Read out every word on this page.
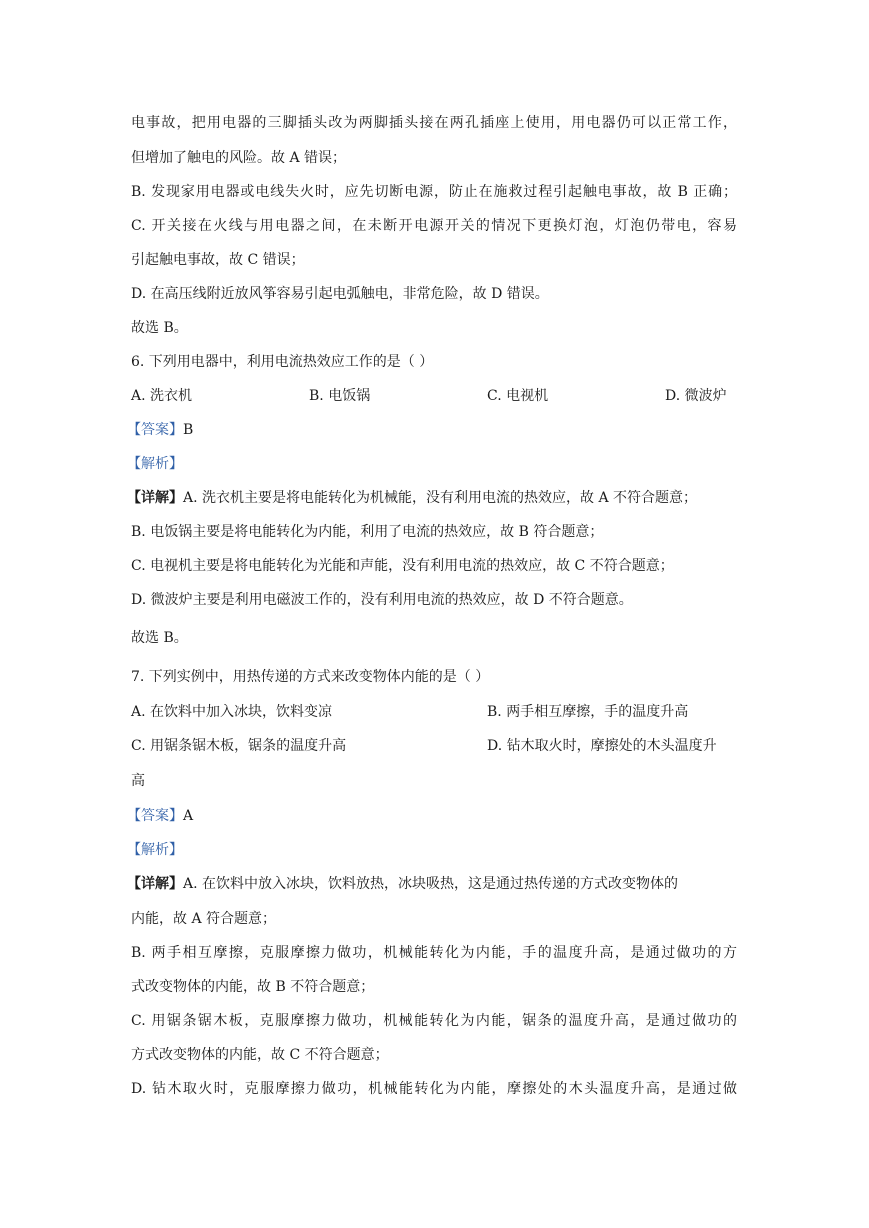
电事故，把用电器的三脚插头改为两脚插头接在两孔插座上使用，用电器仍可以正常工作，
但增加了触电的风险。故 A 错误；
B. 发现家用电器或电线失火时，应先切断电源，防止在施救过程引起触电事故，故 B 正确；
C. 开关接在火线与用电器之间，在未断开电源开关的情况下更换灯泡，灯泡仍带电，容易
引起触电事故，故 C 错误；
D. 在高压线附近放风筝容易引起电弧触电，非常危险，故 D 错误。
故选 B。
6. 下列用电器中，利用电流热效应工作的是（ ）
A. 洗衣机	B. 电饭锅	C. 电视机	D. 微波炉
【答案】B
【解析】
【详解】A. 洗衣机主要是将电能转化为机械能，没有利用电流的热效应，故 A 不符合题意；
B. 电饭锅主要是将电能转化为内能，利用了电流的热效应，故 B 符合题意；
C. 电视机主要是将电能转化为光能和声能，没有利用电流的热效应，故 C 不符合题意；
D. 微波炉主要是利用电磁波工作的，没有利用电流的热效应，故 D 不符合题意。
故选 B。
7. 下列实例中，用热传递的方式来改变物体内能的是（ ）
A. 在饮料中加入冰块，饮料变凉	B. 两手相互摩擦，手的温度升高
C. 用锯条锯木板，锯条的温度升高	D. 钻木取火时，摩擦处的木头温度升
高
【答案】A
【解析】
【详解】A. 在饮料中放入冰块，饮料放热，冰块吸热，这是通过热传递的方式改变物体的
内能，故 A 符合题意；
B. 两手相互摩擦，克服摩擦力做功，机械能转化为内能，手的温度升高，是通过做功的方
式改变物体的内能，故 B 不符合题意；
C. 用锯条锯木板，克服摩擦力做功，机械能转化为内能，锯条的温度升高，是通过做功的
方式改变物体的内能，故 C 不符合题意；
D. 钻木取火时，克服摩擦力做功，机械能转化为内能，摩擦处的木头温度升高，是通过做
